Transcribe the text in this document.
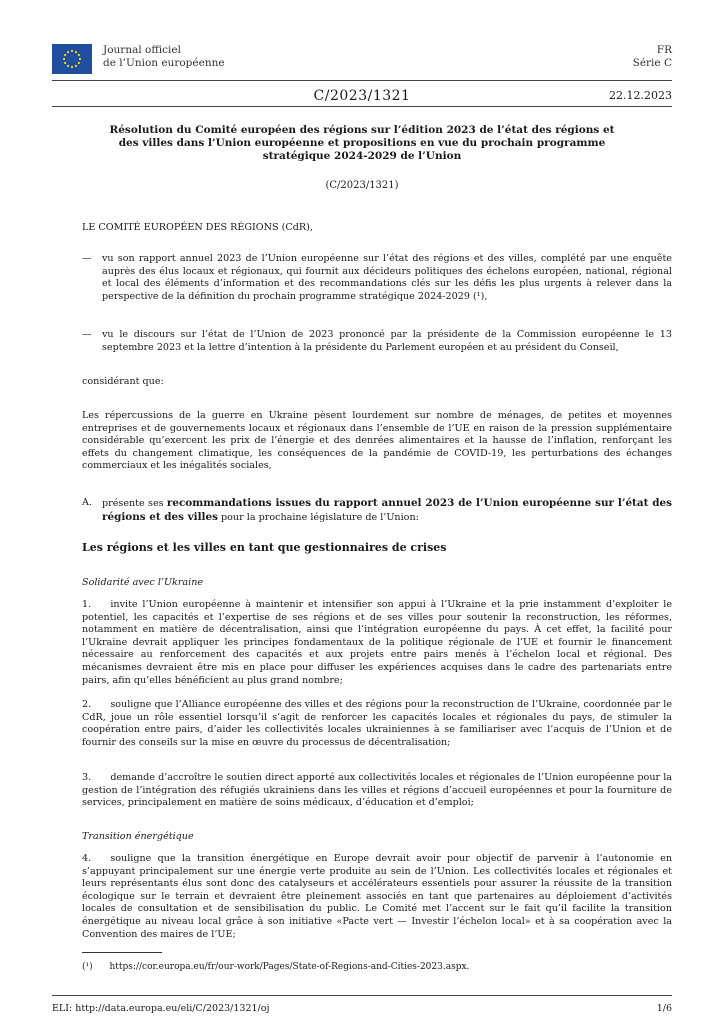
Journal officiel
de l’Union européenne
FR
Série C
C/2023/1321	22.12.2023
Résolution du Comité européen des régions sur l’édition 2023 de l’état des régions et des villes dans l’Union européenne et propositions en vue du prochain programme stratégique 2024-2029 de l’Union
(C/2023/1321)
LE COMITÉ EUROPÉEN DES RÉGIONS (CdR),
—	vu son rapport annuel 2023 de l’Union européenne sur l’état des régions et des villes, complété par une enquête auprès des élus locaux et régionaux, qui fournit aux décideurs politiques des échelons européen, national, régional et local des éléments d’information et des recommandations clés sur les défis les plus urgents à relever dans la perspective de la définition du prochain programme stratégique 2024-2029 (¹),
—	vu le discours sur l’état de l’Union de 2023 prononcé par la présidente de la Commission européenne le 13 septembre 2023 et la lettre d’intention à la présidente du Parlement européen et au président du Conseil,
considérant que:
Les répercussions de la guerre en Ukraine pèsent lourdement sur nombre de ménages, de petites et moyennes entreprises et de gouvernements locaux et régionaux dans l’ensemble de l’UE en raison de la pression supplémentaire considérable qu’exercent les prix de l’énergie et des denrées alimentaires et la hausse de l’inflation, renforçant les effets du changement climatique, les conséquences de la pandémie de COVID-19, les perturbations des échanges commerciaux et les inégalités sociales,
A. présente ses recommandations issues du rapport annuel 2023 de l’Union européenne sur l’état des régions et des villes pour la prochaine législature de l’Union:
Les régions et les villes en tant que gestionnaires de crises
Solidarité avec l’Ukraine
1.  invite l’Union européenne à maintenir et intensifier son appui à l’Ukraine et la prie instamment d’exploiter le potentiel, les capacités et l’expertise de ses régions et de ses villes pour soutenir la reconstruction, les réformes, notamment en matière de décentralisation, ainsi que l’intégration européenne du pays. À cet effet, la facilité pour l’Ukraine devrait appliquer les principes fondamentaux de la politique régionale de l’UE et fournir le financement nécessaire au renforcement des capacités et aux projets entre pairs menés à l’échelon local et régional. Des mécanismes devraient être mis en place pour diffuser les expériences acquises dans le cadre des partenariats entre pairs, afin qu’elles bénéficient au plus grand nombre;
2.  souligne que l’Alliance européenne des villes et des régions pour la reconstruction de l’Ukraine, coordonnée par le CdR, joue un rôle essentiel lorsqu’il s’agit de renforcer les capacités locales et régionales du pays, de stimuler la coopération entre pairs, d’aider les collectivités locales ukrainiennes à se familiariser avec l’acquis de l’Union et de fournir des conseils sur la mise en œuvre du processus de décentralisation;
3.  demande d’accroître le soutien direct apporté aux collectivités locales et régionales de l’Union européenne pour la gestion de l’intégration des réfugiés ukrainiens dans les villes et régions d’accueil européennes et pour la fourniture de services, principalement en matière de soins médicaux, d’éducation et d’emploi;
Transition énergétique
4.  souligne que la transition énergétique en Europe devrait avoir pour objectif de parvenir à l’autonomie en s’appuyant principalement sur une énergie verte produite au sein de l’Union. Les collectivités locales et régionales et leurs représentants élus sont donc des catalyseurs et accélérateurs essentiels pour assurer la réussite de la transition écologique sur le terrain et devraient être pleinement associés en tant que partenaires au déploiement d’activités locales de consultation et de sensibilisation du public. Le Comité met l’accent sur le fait qu’il facilite la transition énergétique au niveau local grâce à son initiative «Pacte vert — Investir l’échelon local» et à sa coopération avec la Convention des maires de l’UE;
(¹) https://cor.europa.eu/fr/our-work/Pages/State-of-Regions-and-Cities-2023.aspx.
ELI: http://data.europa.eu/eli/C/2023/1321/oj	1/6
